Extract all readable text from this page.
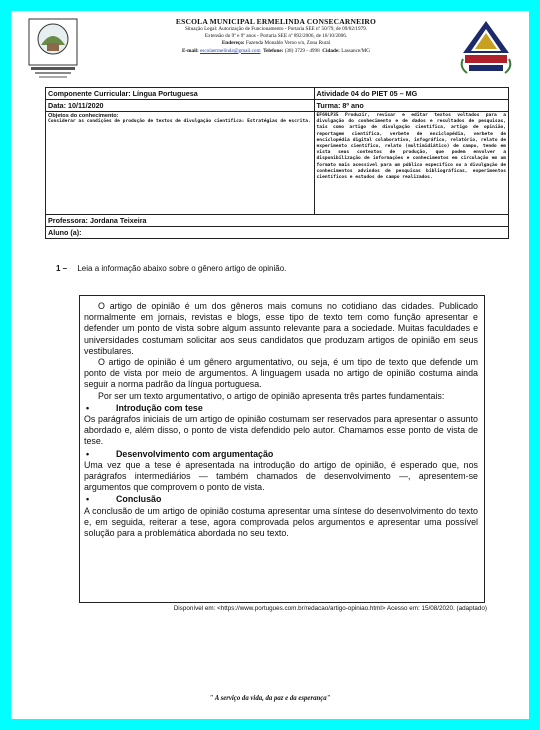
ESCOLA MUNICIPAL ERMELINDA CONSECARNEIRO
Situação Legal: Autorização de Funcionamento - Portaria SEE nº 50/79, de 09/02/1979.
Extensão do 9º e 9º anos - Portaria SEE nº 892/2006, de 16/10/2006.
Endereço: Fazenda Monaldo Veroo s/n, Zona Rural
E-mail: escolaermelinda@gmail.com Telefone: (38) 3729 - 4998 Cidade: Lassance/MG
Componente Curricular: Língua Portuguesa	Atividade 04 do PIET 05 – MG
Data: 10/11/2020	Turma: 8º ano

Objetos do conhecimento:
Considerar as condições de produção de textos de divulgação científica: Estratégias de escrita.	EF69LP35 Produzir, revisar e editar textos voltados para a divulgação do conhecimento e de dados e resultados de pesquisas, tais como artigo de divulgação científica, artigo de opinião, reportagem científica, verbete de enciclopédia, verbete de enciclopédia digital colaborativo, infográfico, relatório, relato de experimento científico, relato (multimidiático) de campo, tendo em vista seus contextos de produção, que podem envolver a disponibilização de informações e conhecimentos em circulação em um formato mais acessível para um público específico ou a divulgação de conhecimentos advindos de pesquisas bibliográficas, experimentos científicos e estudos de campo realizados.

Professora: Jordana Teixeira	
Aluno (a):	
1 – Leia a informação abaixo sobre o gênero artigo de opinião.

O artigo de opinião é um dos gêneros mais comuns no cotidiano das cidades. Publicado normalmente em jornais, revistas e blogs, esse tipo de texto tem como função apresentar e defender um ponto de vista sobre algum assunto relevante para a sociedade. Muitas faculdades e universidades costumam solicitar aos seus candidatos que produzam artigos de opinião em seus vestibulares.

O artigo de opinião é um gênero argumentativo, ou seja, é um tipo de texto que defende um ponto de vista por meio de argumentos. A linguagem usada no artigo de opinião costuma ainda seguir a norma padrão da língua portuguesa.

Por ser um texto argumentativo, o artigo de opinião apresenta três partes fundamentais:

•	Introdução com tese

Os parágrafos iniciais de um artigo de opinião costumam ser reservados para apresentar o assunto abordado e, além disso, o ponto de vista defendido pelo autor. Chamamos esse ponto de vista de tese.

•	Desenvolvimento com argumentação

Uma vez que a tese é apresentada na introdução do artigo de opinião, é esperado que, nos parágrafos intermediários — também chamados de desenvolvimento —, apresentem-se argumentos que comprovem o ponto de vista.

•	Conclusão

A conclusão de um artigo de opinião costuma apresentar uma síntese do desenvolvimento do texto e, em seguida, reiterar a tese, agora comprovada pelos argumentos e apresentar uma possível solução para a problemática abordada no seu texto.

Disponível em: <https://www.portugues.com.br/redacao/artigo-opiniao.html> Acesso em: 15/08/2020. (adaptado)
" A serviço da vida, da paz e da esperança"
